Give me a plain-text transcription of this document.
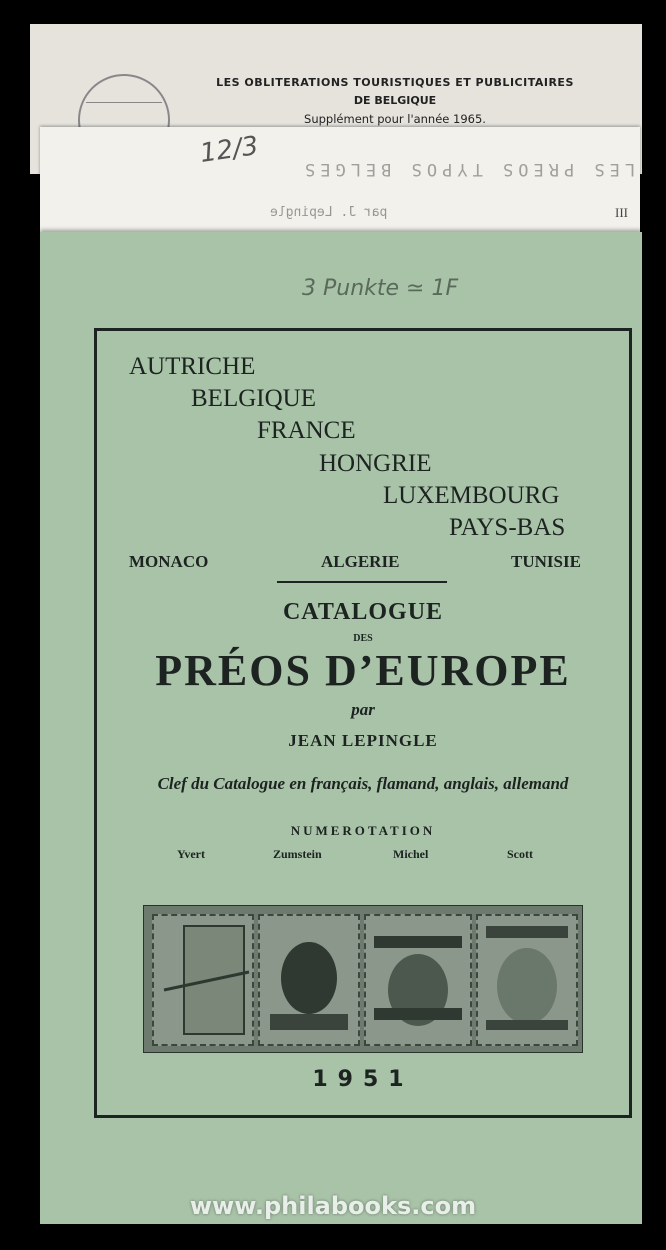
LES OBLITERATIONS TOURISTIQUES ET PUBLICITAIRES
DE BELGIQUE
Supplément pour l'année 1965.
12/3
LES PREOS TYPOS BELGES
par J. Lepingle	III
3 Punkte ≃ 1F
AUTRICHE
BELGIQUE
FRANCE
HONGRIE
LUXEMBOURG
PAYS-BAS
MONACO	ALGERIE	TUNISIE
CATALOGUE
DES
PRÉOS D’EUROPE
par
JEAN LEPINGLE
Clef du Catalogue en français, flamand, anglais, allemand
NUMEROTATION
Yvert	Zumstein	Michel	Scott
1951
www.philabooks.com
